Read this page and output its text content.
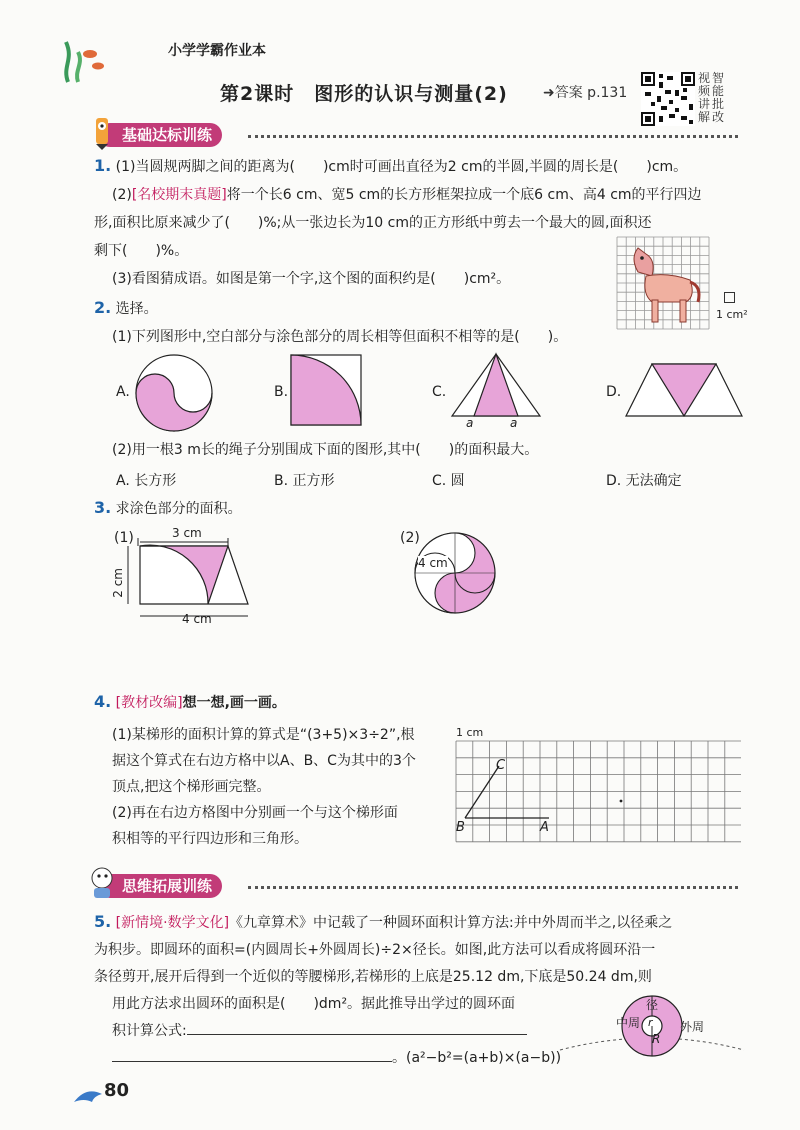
小学学霸作业本
第2课时　图形的认识与测量(2)	➜答案 p.131
视
频
讲
解
智
能
批
改
基础达标训练
1. (1)当圆规两脚之间的距离为(　　)cm时可画出直径为2 cm的半圆,半圆的周长是(　　)cm。
(2)[名校期末真题]将一个长6 cm、宽5 cm的长方形框架拉成一个底6 cm、高4 cm的平行四边
形,面积比原来减少了(　　)%;从一张边长为10 cm的正方形纸中剪去一个最大的圆,面积还
剩下(　　)%。
(3)看图猜成语。如图是第一个字,这个图的面积约是(　　)cm²。
1 cm²
2. 选择。
(1)下列图形中,空白部分与涂色部分的周长相等但面积不相等的是(　　)。
A.	B.	C.
a	a
D.
(2)用一根3 m长的绳子分别围成下面的图形,其中(　　)的面积最大。
A. 长方形	B. 正方形	C. 圆	D. 无法确定
3. 求涂色部分的面积。
(1)	3 cm
2 cm
4 cm
(2)
4 cm
4. [教材改编]想一想,画一画。
(1)某梯形的面积计算的算式是“(3+5)×3÷2”,根
据这个算式在右边方格中以A、B、C为其中的3个
顶点,把这个梯形画完整。
(2)再在右边方格图中分别画一个与这个梯形面
积相等的平行四边形和三角形。
1 cm
B	A
C
思维拓展训练
5. [新情境·数学文化]《九章算术》中记载了一种圆环面积计算方法:并中外周而半之,以径乘之
为积步。即圆环的面积=(内圆周长+外圆周长)÷2×径长。如图,此方法可以看成将圆环沿一
条径剪开,展开后得到一个近似的等腰梯形,若梯形的上底是25.12 dm,下底是50.24 dm,则
用此方法求出圆环的面积是(　　)dm²。据此推导出学过的圆环面
积计算公式:
。(a²−b²=(a+b)×(a−b))
径
中周	外周
r
R
80
